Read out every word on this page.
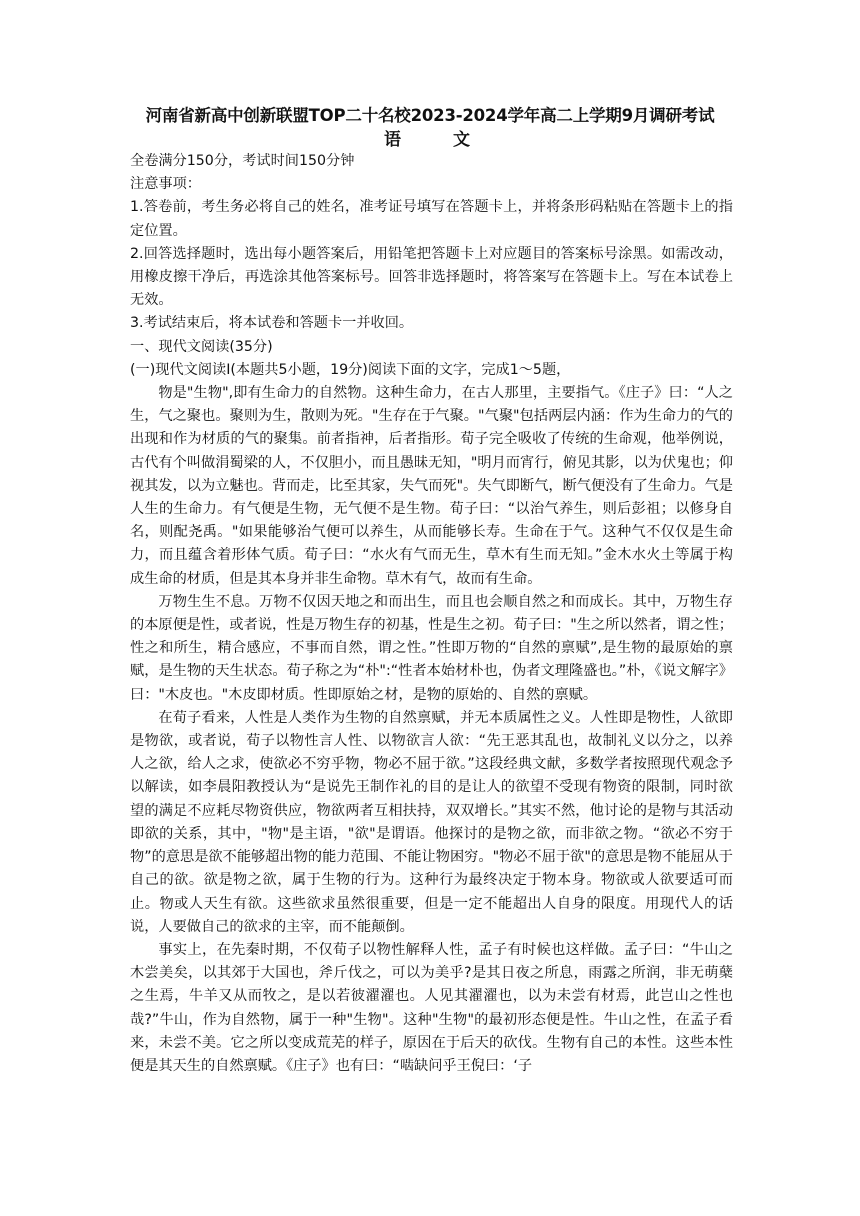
河南省新高中创新联盟TOP二十名校2023-2024学年高二上学期9月调研考试
语　　文

全卷满分150分，考试时间150分钟

注意事项：

1.答卷前，考生务必将自己的姓名，准考证号填写在答题卡上，并将条形码粘贴在答题卡上的指定位置。

2.回答选择题时，选出每小题答案后，用铅笔把答题卡上对应题目的答案标号涂黑。如需改动，用橡皮擦干净后，再选涂其他答案标号。回答非选择题时，将答案写在答题卡上。写在本试卷上无效。

3.考试结束后，将本试卷和答题卡一并收回。

一、现代文阅读(35分)

(一)现代文阅读I(本题共5小题，19分)阅读下面的文字，完成1～5题，

物是"生物",即有生命力的自然物。这种生命力，在古人那里，主要指气。《庄子》曰：“人之生，气之聚也。聚则为生，散则为死。"生存在于气聚。"气聚"包括两层内涵：作为生命力的气的出现和作为材质的气的聚集。前者指神，后者指形。荀子完全吸收了传统的生命观，他举例说，古代有个叫做涓蜀梁的人，不仅胆小，而且愚昧无知，"明月而宵行，俯见其影，以为伏鬼也；仰视其发，以为立魅也。背而走，比至其家，失气而死"。失气即断气，断气便没有了生命力。气是人生的生命力。有气便是生物，无气便不是生物。荀子曰：“以治气养生，则后彭祖；以修身自名，则配尧禹。"如果能够治气便可以养生，从而能够长寿。生命在于气。这种气不仅仅是生命力，而且蕴含着形体气质。荀子曰：“水火有气而无生，草木有生而无知。”金木水火土等属于构成生命的材质，但是其本身并非生命物。草木有气，故而有生命。

万物生生不息。万物不仅因天地之和而出生，而且也会顺自然之和而成长。其中，万物生存的本原便是性，或者说，性是万物生存的初基，性是生之初。荀子曰："生之所以然者，谓之性；性之和所生，精合感应，不事而自然，谓之性。”性即万物的“自然的禀赋”,是生物的最原始的禀赋，是生物的天生状态。荀子称之为“朴":“性者本始材朴也，伪者文理隆盛也。”朴，《说文解字》曰："木皮也。"木皮即材质。性即原始之材，是物的原始的、自然的禀赋。

在荀子看来，人性是人类作为生物的自然禀赋，并无本质属性之义。人性即是物性，人欲即是物欲，或者说，荀子以物性言人性、以物欲言人欲：“先王恶其乱也，故制礼义以分之，以养人之欲，给人之求，使欲必不穷乎物，物必不屈于欲。”这段经典文献，多数学者按照现代观念予以解读，如李晨阳教授认为“是说先王制作礼的目的是让人的欲望不受现有物资的限制，同时欲望的满足不应耗尽物资供应，物欲两者互相扶持，双双增长。”其实不然，他讨论的是物与其活动即欲的关系，其中，"物"是主语，"欲"是谓语。他探讨的是物之欲，而非欲之物。“欲必不穷于物”的意思是欲不能够超出物的能力范围、不能让物困穷。"物必不屈于欲"的意思是物不能屈从于自己的欲。欲是物之欲，属于生物的行为。这种行为最终决定于物本身。物欲或人欲要适可而止。物或人天生有欲。这些欲求虽然很重要，但是一定不能超出人自身的限度。用现代人的话说，人要做自己的欲求的主宰，而不能颠倒。

事实上，在先秦时期，不仅荀子以物性解释人性，孟子有时候也这样做。孟子曰：“牛山之木尝美矣，以其郊于大国也，斧斤伐之，可以为美乎?是其日夜之所息，雨露之所润，非无萌蘖之生焉，牛羊又从而牧之，是以若彼濯濯也。人见其濯濯也，以为未尝有材焉，此岂山之性也哉?”牛山，作为自然物，属于一种"生物"。这种"生物"的最初形态便是性。牛山之性，在孟子看来，未尝不美。它之所以变成荒芜的样子，原因在于后天的砍伐。生物有自己的本性。这些本性便是其天生的自然禀赋。《庄子》也有曰：“啮缺问乎王倪曰：‘子
